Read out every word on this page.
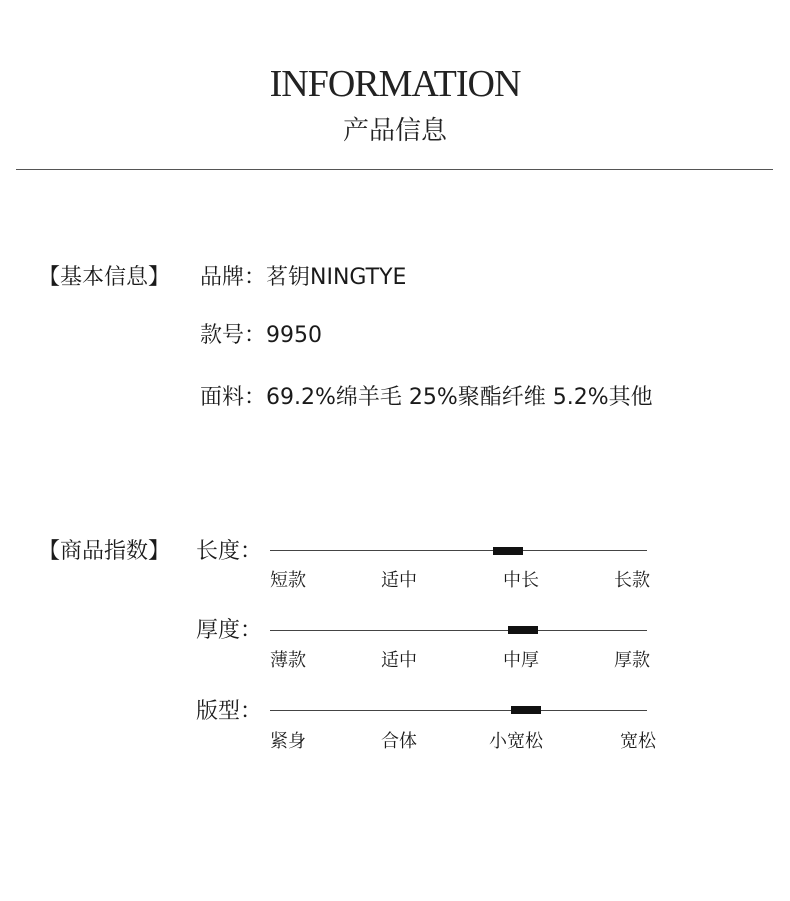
INFORMATION
产品信息
【基本信息】 品牌：茗钥NINGTYE
款号：9950
面料：69.2%绵羊毛 25%聚酯纤维 5.2%其他
【商品指数】 长度：
短款	适中	中长	长款
厚度：
薄款	适中	中厚	厚款
版型：
紧身	合体	小宽松	宽松
